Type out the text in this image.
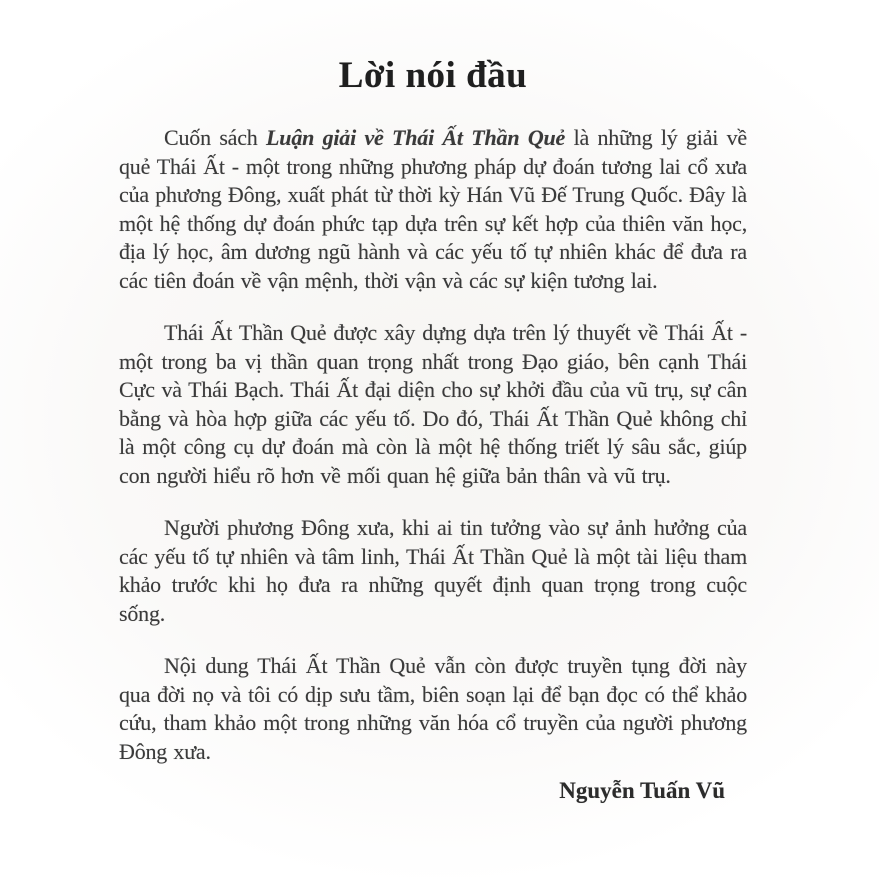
Lời nói đầu

Cuốn sách Luận giải về Thái Ất Thần Quẻ là những lý giải về quẻ Thái Ất - một trong những phương pháp dự đoán tương lai cổ xưa của phương Đông, xuất phát từ thời kỳ Hán Vũ Đế Trung Quốc. Đây là một hệ thống dự đoán phức tạp dựa trên sự kết hợp của thiên văn học, địa lý học, âm dương ngũ hành và các yếu tố tự nhiên khác để đưa ra các tiên đoán về vận mệnh, thời vận và các sự kiện tương lai.

Thái Ất Thần Quẻ được xây dựng dựa trên lý thuyết về Thái Ất - một trong ba vị thần quan trọng nhất trong Đạo giáo, bên cạnh Thái Cực và Thái Bạch. Thái Ất đại diện cho sự khởi đầu của vũ trụ, sự cân bằng và hòa hợp giữa các yếu tố. Do đó, Thái Ất Thần Quẻ không chỉ là một công cụ dự đoán mà còn là một hệ thống triết lý sâu sắc, giúp con người hiểu rõ hơn về mối quan hệ giữa bản thân và vũ trụ.

Người phương Đông xưa, khi ai tin tưởng vào sự ảnh hưởng của các yếu tố tự nhiên và tâm linh, Thái Ất Thần Quẻ là một tài liệu tham khảo trước khi họ đưa ra những quyết định quan trọng trong cuộc sống.

Nội dung Thái Ất Thần Quẻ vẫn còn được truyền tụng đời này qua đời nọ và tôi có dịp sưu tầm, biên soạn lại để bạn đọc có thể khảo cứu, tham khảo một trong những văn hóa cổ truyền của người phương Đông xưa.

Nguyễn Tuấn Vũ
